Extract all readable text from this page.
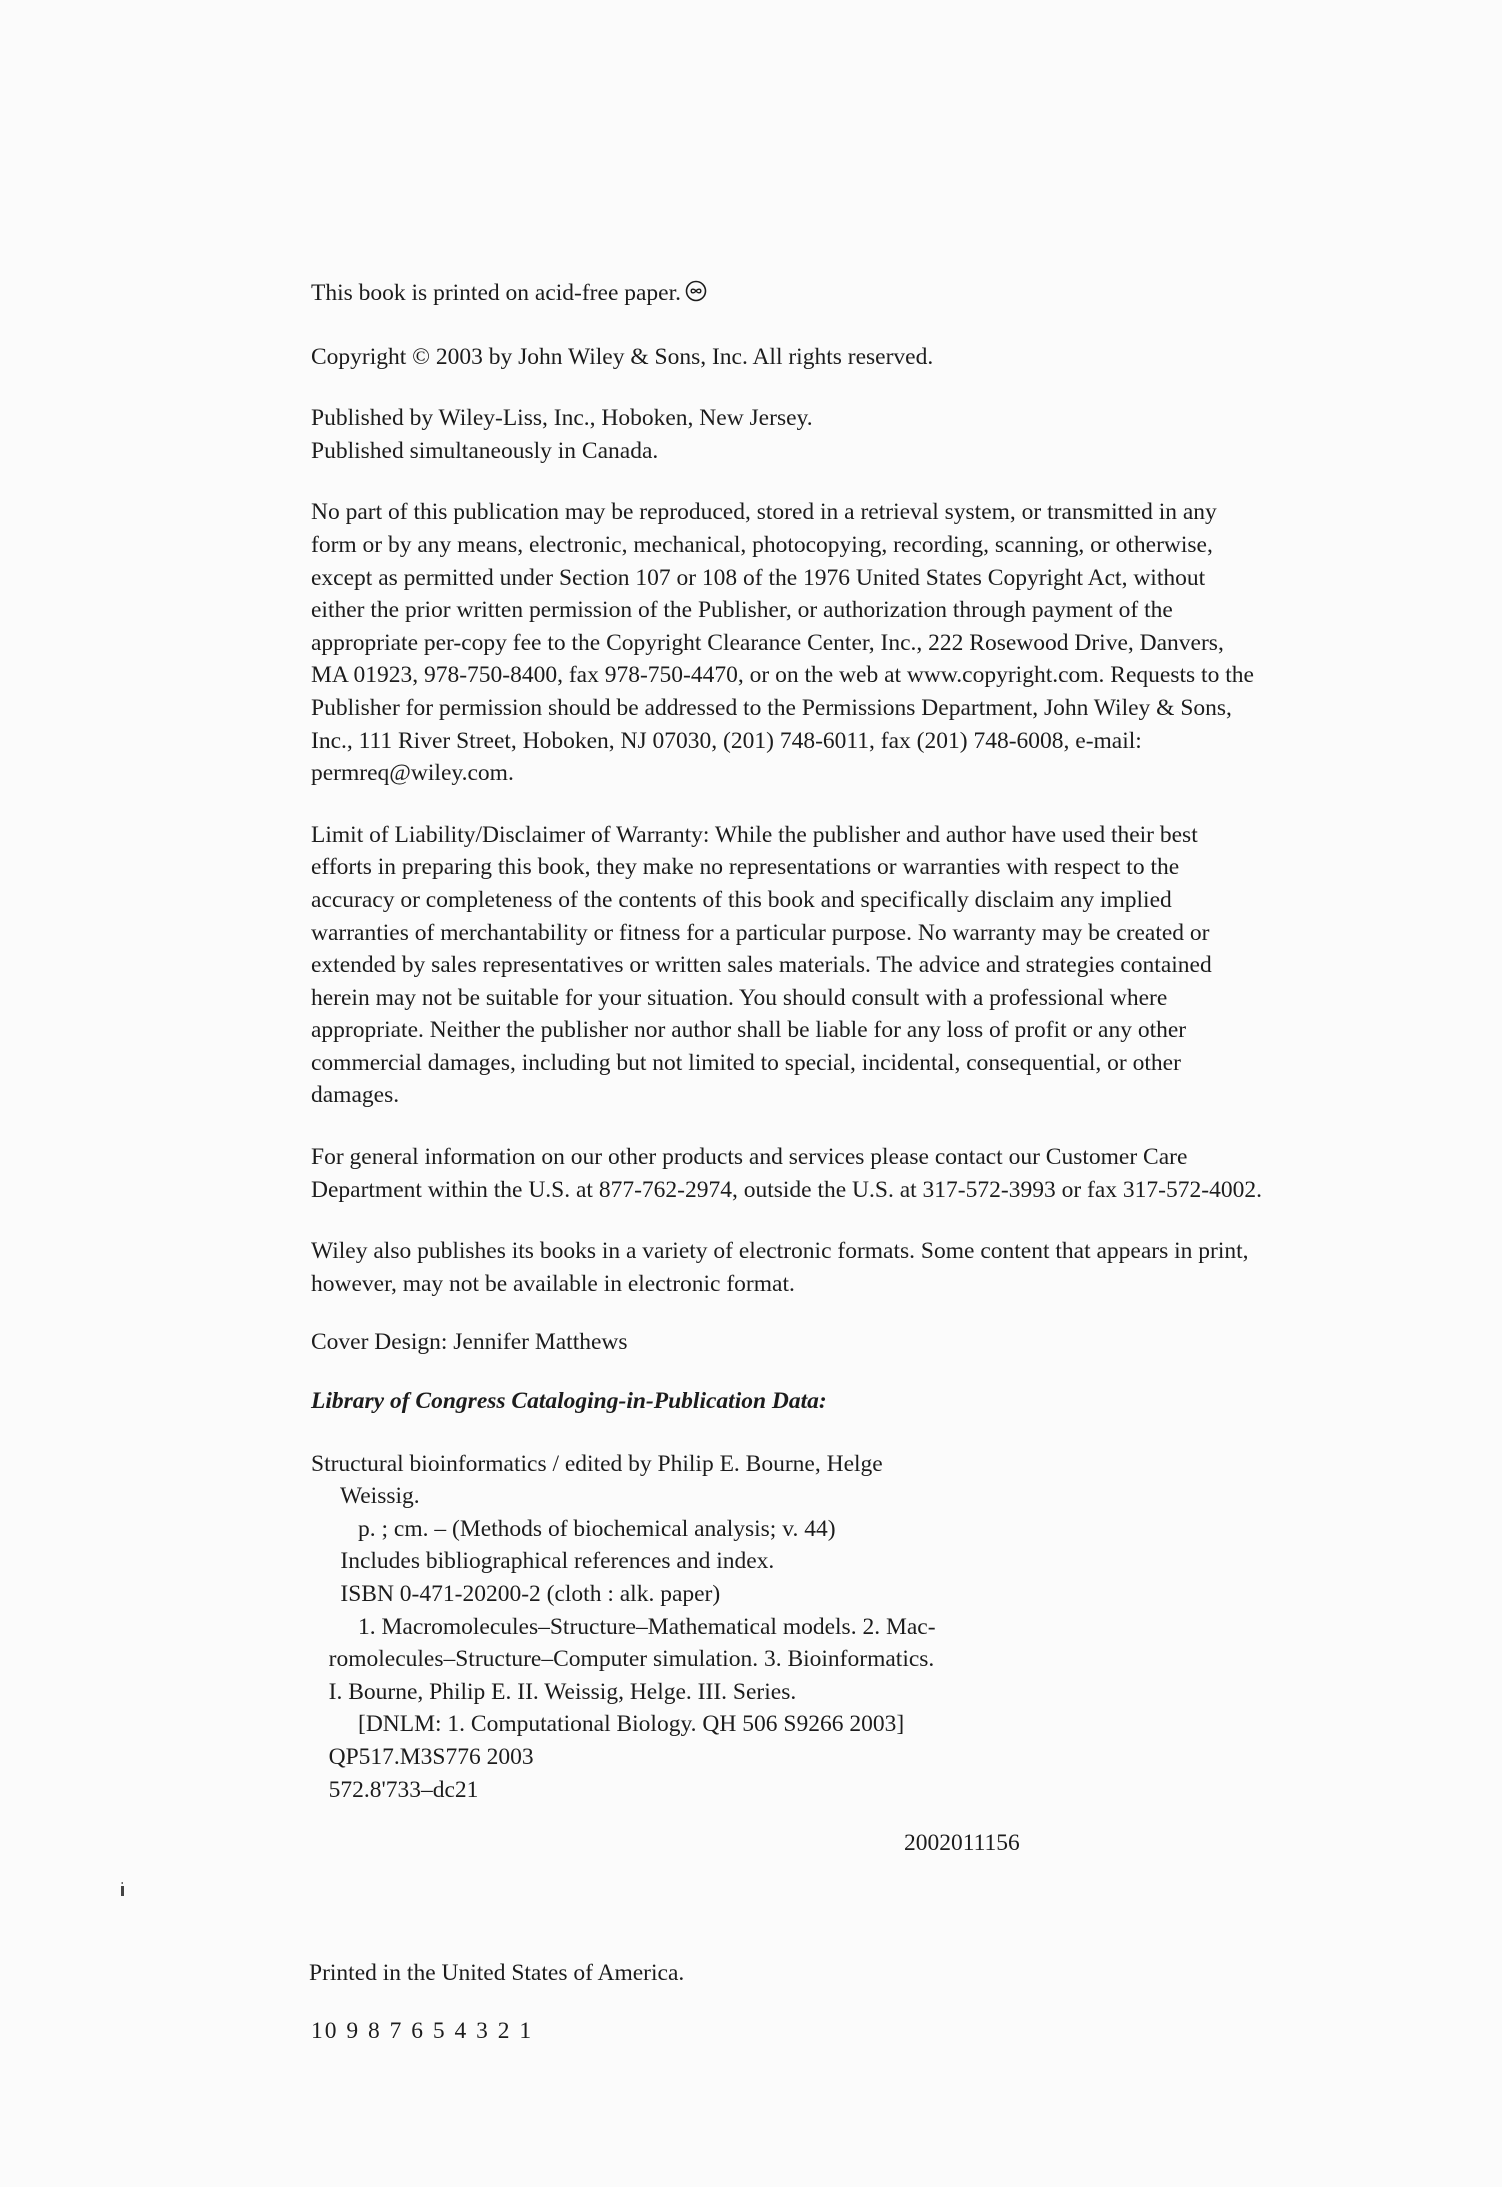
This book is printed on acid-free paper.

Copyright © 2003 by John Wiley & Sons, Inc. All rights reserved.

Published by Wiley-Liss, Inc., Hoboken, New Jersey.
Published simultaneously in Canada.

No part of this publication may be reproduced, stored in a retrieval system, or transmitted in any
form or by any means, electronic, mechanical, photocopying, recording, scanning, or otherwise,
except as permitted under Section 107 or 108 of the 1976 United States Copyright Act, without
either the prior written permission of the Publisher, or authorization through payment of the
appropriate per-copy fee to the Copyright Clearance Center, Inc., 222 Rosewood Drive, Danvers,
MA 01923, 978-750-8400, fax 978-750-4470, or on the web at www.copyright.com. Requests to the
Publisher for permission should be addressed to the Permissions Department, John Wiley & Sons,
Inc., 111 River Street, Hoboken, NJ 07030, (201) 748-6011, fax (201) 748-6008, e-mail:
permreq@wiley.com.

Limit of Liability/Disclaimer of Warranty: While the publisher and author have used their best
efforts in preparing this book, they make no representations or warranties with respect to the
accuracy or completeness of the contents of this book and specifically disclaim any implied
warranties of merchantability or fitness for a particular purpose. No warranty may be created or
extended by sales representatives or written sales materials. The advice and strategies contained
herein may not be suitable for your situation. You should consult with a professional where
appropriate. Neither the publisher nor author shall be liable for any loss of profit or any other
commercial damages, including but not limited to special, incidental, consequential, or other
damages.

For general information on our other products and services please contact our Customer Care
Department within the U.S. at 877-762-2974, outside the U.S. at 317-572-3993 or fax 317-572-4002.

Wiley also publishes its books in a variety of electronic formats. Some content that appears in print,
however, may not be available in electronic format.

Cover Design: Jennifer Matthews

Library of Congress Cataloging-in-Publication Data:

Structural bioinformatics / edited by Philip E. Bourne, Helge
Weissig.
p. ; cm. – (Methods of biochemical analysis; v. 44)
Includes bibliographical references and index.
ISBN 0-471-20200-2 (cloth : alk. paper)
1. Macromolecules–Structure–Mathematical models. 2. Mac-
romolecules–Structure–Computer simulation. 3. Bioinformatics.
I. Bourne, Philip E. II. Weissig, Helge. III. Series.
[DNLM: 1. Computational Biology. QH 506 S9266 2003]
QP517.M3S776 2003
572.8'733–dc21

2002011156
Printed in the United States of America.
10 9 8 7 6 5 4 3 2 1
